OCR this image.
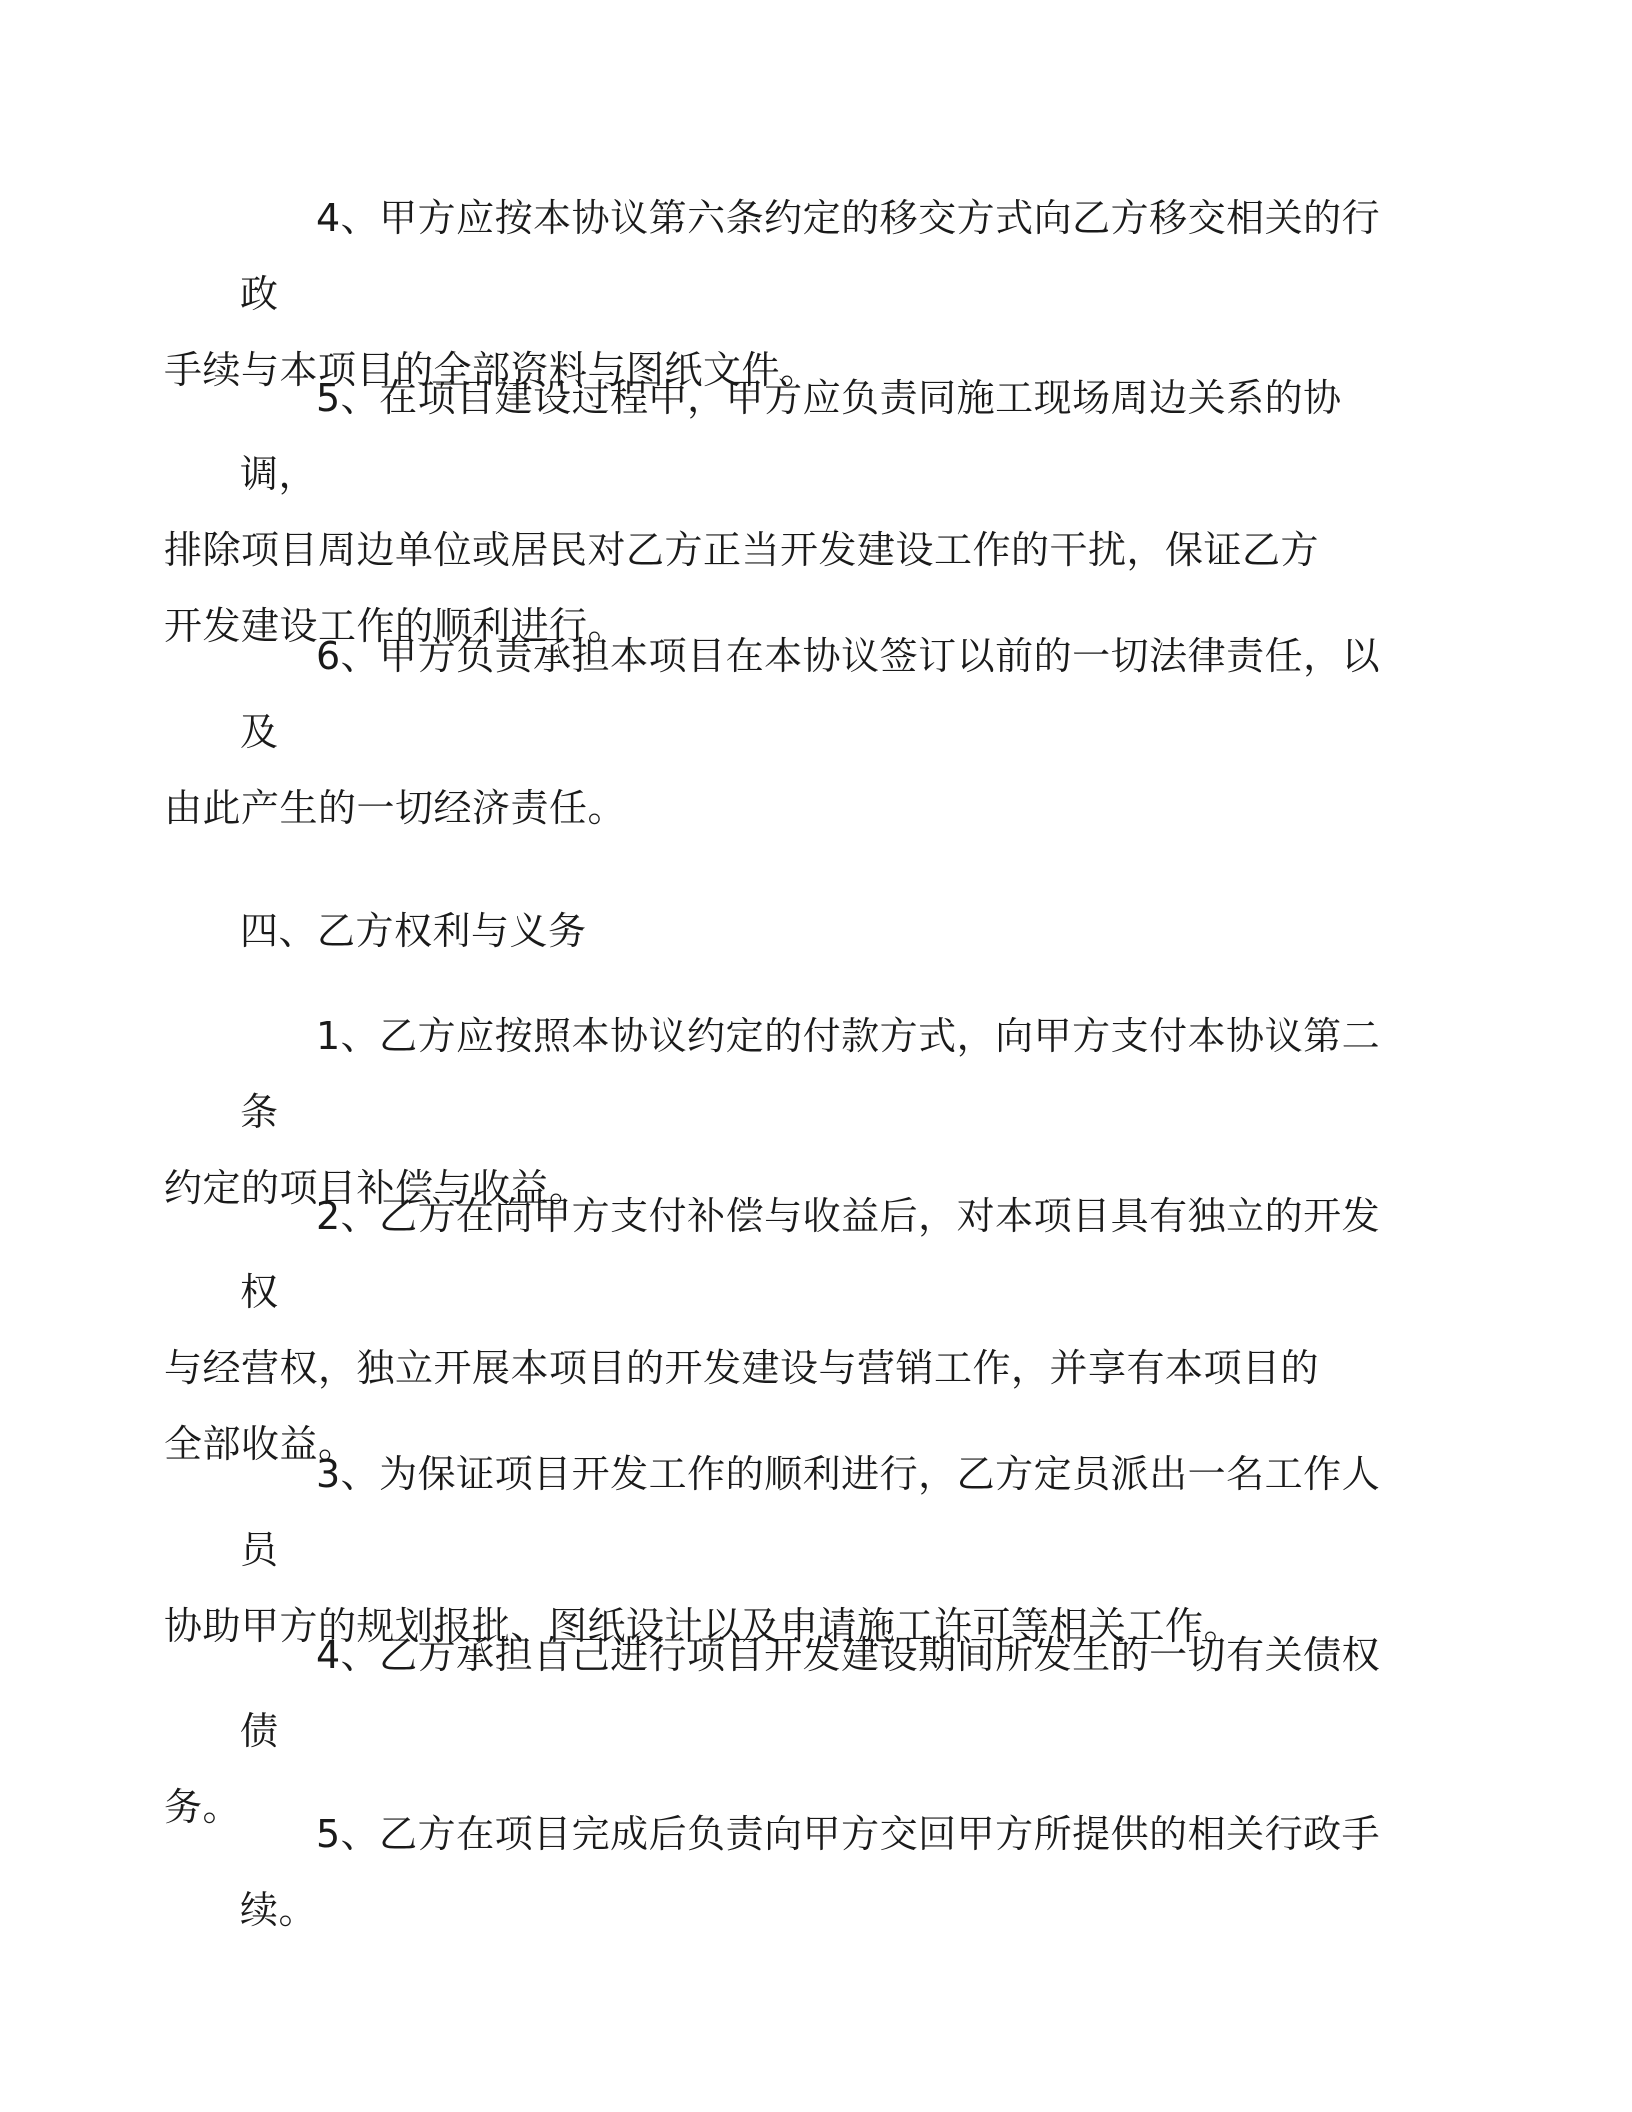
4、甲方应按本协议第六条约定的移交方式向乙方移交相关的行政
手续与本项目的全部资料与图纸文件。
5、在项目建设过程中，甲方应负责同施工现场周边关系的协调，
排除项目周边单位或居民对乙方正当开发建设工作的干扰，保证乙方
开发建设工作的顺利进行。
6、甲方负责承担本项目在本协议签订以前的一切法律责任，以及
由此产生的一切经济责任。
四、乙方权利与义务
1、乙方应按照本协议约定的付款方式，向甲方支付本协议第二条
约定的项目补偿与收益。
2、乙方在向甲方支付补偿与收益后，对本项目具有独立的开发权
与经营权，独立开展本项目的开发建设与营销工作，并享有本项目的
全部收益。
3、为保证项目开发工作的顺利进行，乙方定员派出一名工作人员
协助甲方的规划报批、图纸设计以及申请施工许可等相关工作。
4、乙方承担自己进行项目开发建设期间所发生的一切有关债权债
务。
5、乙方在项目完成后负责向甲方交回甲方所提供的相关行政手续。
